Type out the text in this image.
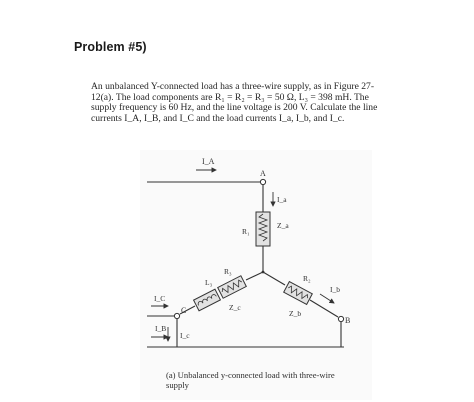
Problem #5)
An unbalanced Y-connected load has a three-wire supply, as in Figure 27-12(a). The load components are R₁ = R₂ = R₃ = 50 Ω, L₃ = 398 mH. The supply frequency is 60 Hz, and the line voltage is 200 V. Calculate the line currents I_A, I_B, and I_C and the load currents I_a, I_b, and I_c.
I_A
A
I_a
R₁
Z_a
R₃
L₃
Z_c
R₂
I_b
Z_b
B
C
I_C
I_c
I_B
(a) Unbalanced y-connected load with three-wire supply
